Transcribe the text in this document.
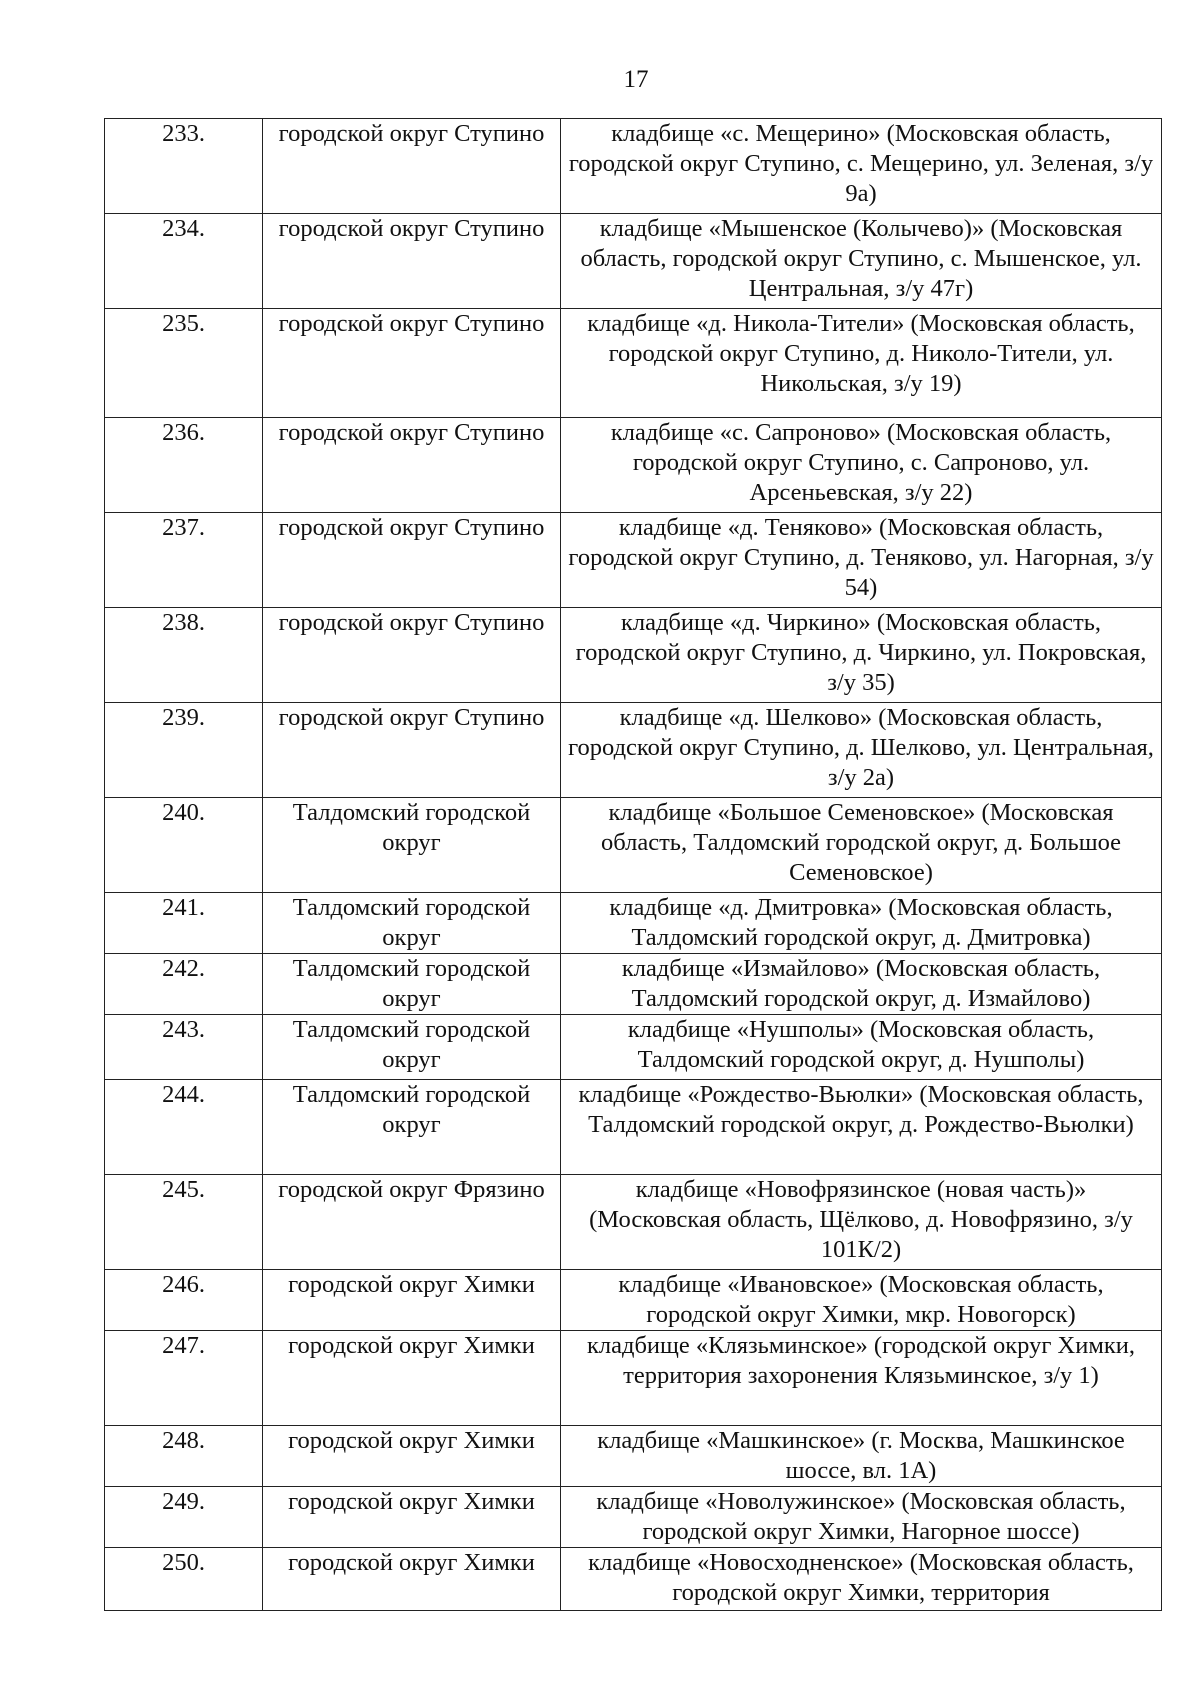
17
233.	городской округ Ступино	кладбище «с. Мещерино» (Московская область, городской округ Ступино, с. Мещерино, ул. Зеленая, з/у 9а)
234.	городской округ Ступино	кладбище «Мышенское (Колычево)» (Московская область, городской округ Ступино, с. Мышенское, ул. Центральная, з/у 47г)
235.	городской округ Ступино	кладбище «д. Никола-Тители» (Московская область, городской округ Ступино, д. Николо-Тители, ул. Никольская, з/у 19)
236.	городской округ Ступино	кладбище «с. Сапроново» (Московская область, городской округ Ступино, с. Сапроново, ул. Арсеньевская, з/у 22)
237.	городской округ Ступино	кладбище «д. Теняково» (Московская область, городской округ Ступино, д. Теняково, ул. Нагорная, з/у 54)
238.	городской округ Ступино	кладбище «д. Чиркино» (Московская область, городской округ Ступино, д. Чиркино, ул. Покровская, з/у 35)
239.	городской округ Ступино	кладбище «д. Шелково» (Московская область, городской округ Ступино, д. Шелково, ул. Центральная, з/у 2а)
240.	Талдомский городской округ	кладбище «Большое Семеновское» (Московская область, Талдомский городской округ, д. Большое Семеновское)
241.	Талдомский городской округ	кладбище «д. Дмитровка» (Московская область, Талдомский городской округ, д. Дмитровка)
242.	Талдомский городской округ	кладбище «Измайлово» (Московская область, Талдомский городской округ, д. Измайлово)
243.	Талдомский городской округ	кладбище «Нушполы» (Московская область, Талдомский городской округ, д. Нушполы)
244.	Талдомский городской округ	кладбище «Рождество-Вьюлки» (Московская область, Талдомский городской округ, д. Рождество-Вьюлки)
245.	городской округ Фрязино	кладбище «Новофрязинское (новая часть)» (Московская область, Щёлково, д. Новофрязино, з/у 101К/2)
246.	городской округ Химки	кладбище «Ивановское» (Московская область, городской округ Химки, мкр. Новогорск)
247.	городской округ Химки	кладбище «Клязьминское» (городской округ Химки, территория захоронения Клязьминское, з/у 1)
248.	городской округ Химки	кладбище «Машкинское» (г. Москва, Машкинское шоссе, вл. 1А)
249.	городской округ Химки	кладбище «Новолужинское» (Московская область, городской округ Химки, Нагорное шоссе)
250.	городской округ Химки	кладбище «Новосходненское» (Московская область, городской округ Химки, территория
